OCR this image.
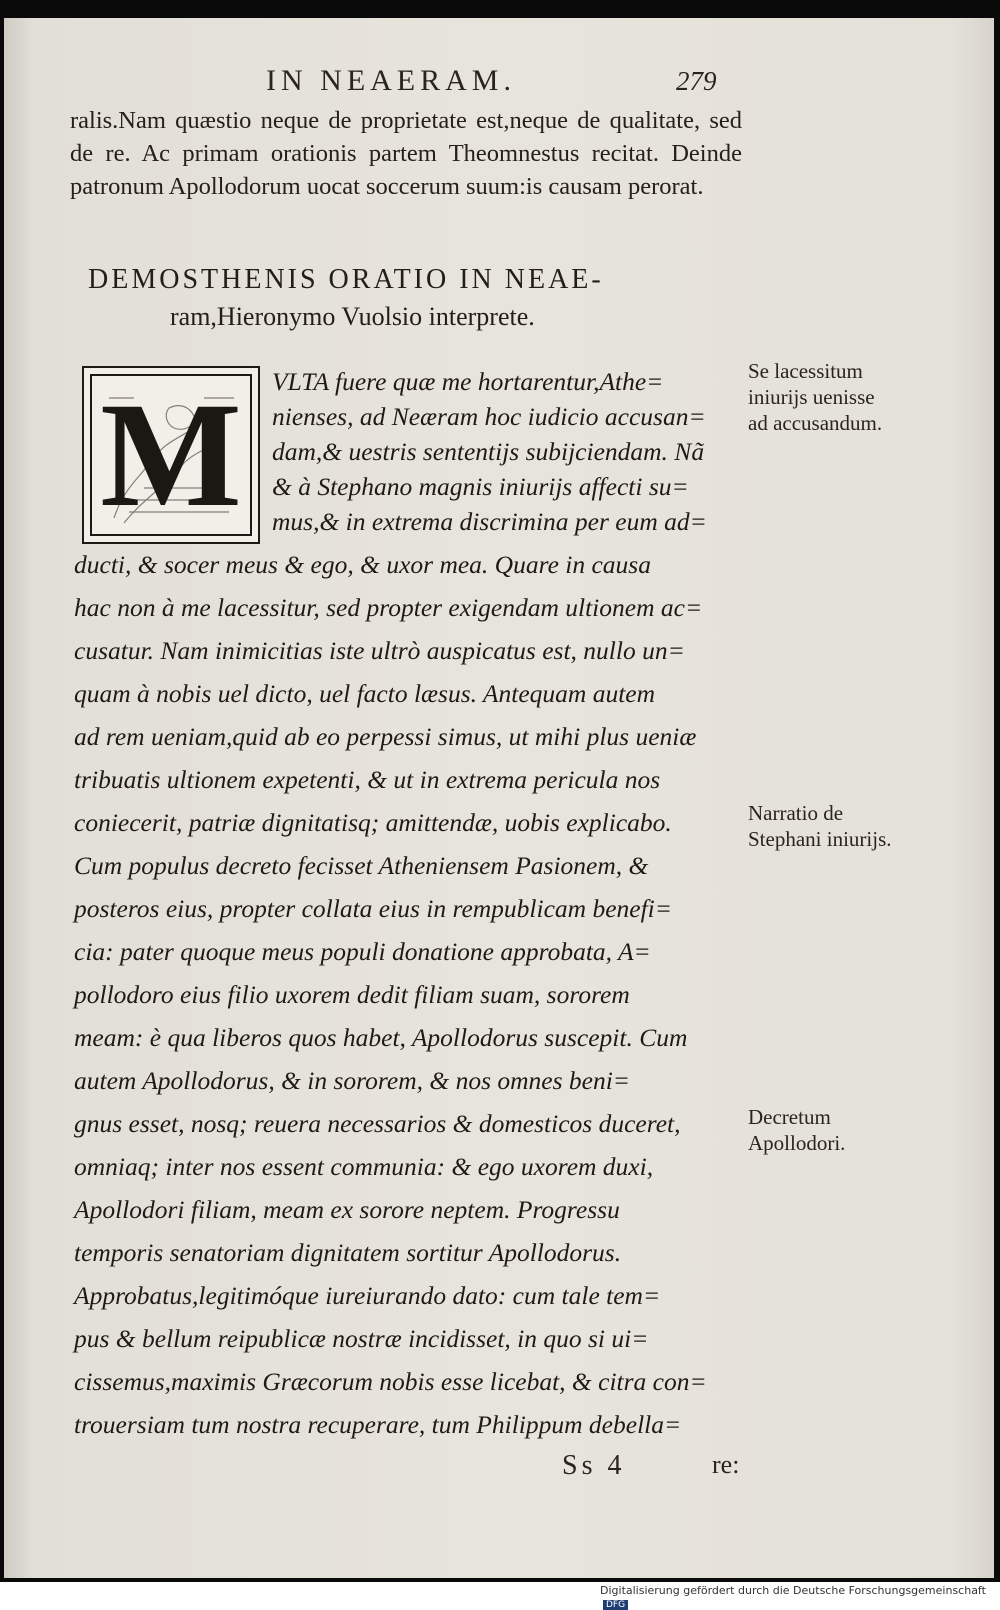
IN NEAERAM.	279
ralis.Nam quæstio neque de proprietate est,neque de qualitate, sed de re. Ac primam orationis partem Theomnestus recitat. Deinde patronum Apollodorum uocat soccerum suum:is causam perorat.
DEMOSTHENIS ORATIO IN NEAE-
ram,Hieronymo Vuolsio interprete.
M	VLTA fuere quæ me hortarentur,Athe=
nienses, ad Neæram hoc iudicio accusan=
dam,& uestris sententijs subijciendam. Nã
& à Stephano magnis iniurijs affecti su=
mus,& in extrema discrimina per eum ad=
ducti, & socer meus & ego, & uxor mea. Quare in causa
hac non à me lacessitur, sed propter exigendam ultionem ac=
cusatur. Nam inimicitias iste ultrò auspicatus est, nullo un=
quam à nobis uel dicto, uel facto læsus. Antequam autem
ad rem ueniam,quid ab eo perpessi simus, ut mihi plus ueniæ
tribuatis ultionem expetenti, & ut in extrema pericula nos
coniecerit, patriæ dignitatisq; amittendæ, uobis explicabo.
Cum populus decreto fecisset Atheniensem Pasionem, &
posteros eius, propter collata eius in rempublicam benefi=
cia: pater quoque meus populi donatione approbata, A=
pollodoro eius filio uxorem dedit filiam suam, sororem
meam: è qua liberos quos habet, Apollodorus suscepit. Cum
autem Apollodorus, & in sororem, & nos omnes beni=
gnus esset, nosq; reuera necessarios & domesticos duceret,
omniaq; inter nos essent communia: & ego uxorem duxi,
Apollodori filiam, meam ex sorore neptem. Progressu
temporis senatoriam dignitatem sortitur Apollodorus.
Approbatus,legitimóque iureiurando dato: cum tale tem=
pus & bellum reipublicæ nostræ incidisset, in quo si ui=
cissemus,maximis Græcorum nobis esse licebat, & citra con=
trouersiam tum nostra recuperare, tum Philippum debella=
Se lacessitum iniurijs uenisse ad accusandum.
Narratio de Stephani iniurijs.
Decretum Apollodori.
Ss 4	re:
Digitalisierung gefördert durch die Deutsche Forschungsgemeinschaft DFG
